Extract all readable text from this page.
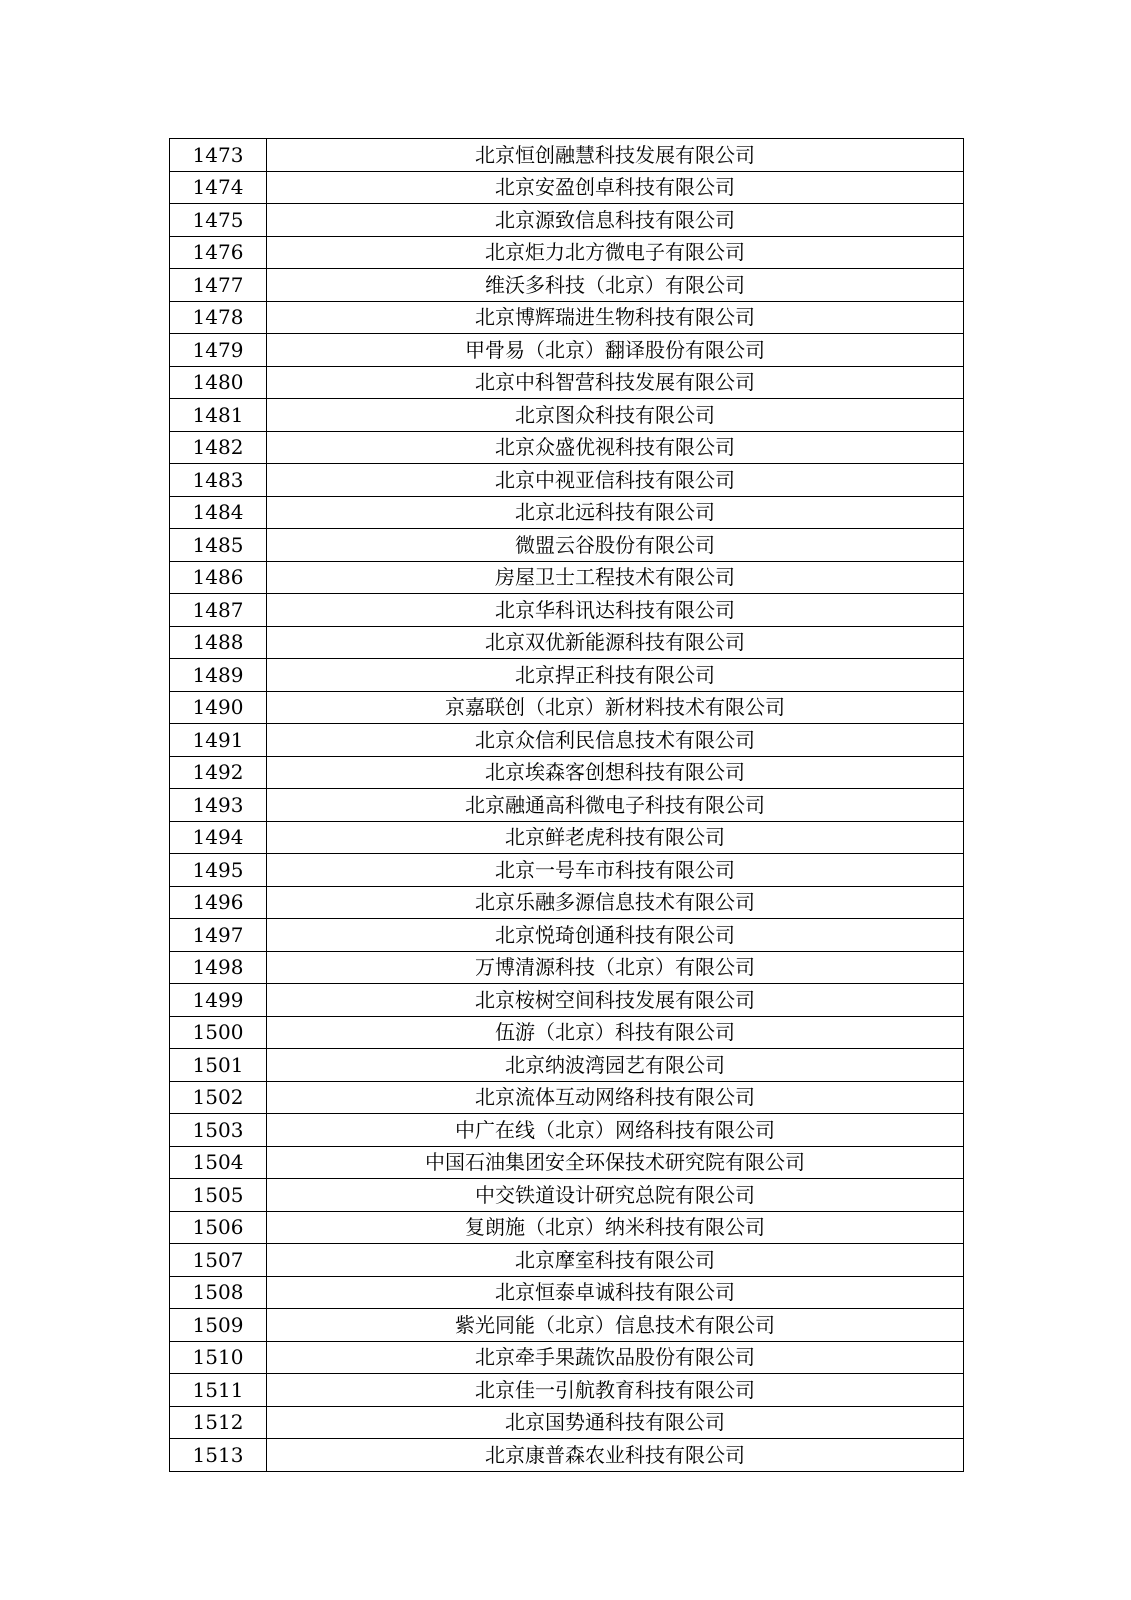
1473	北京恒创融慧科技发展有限公司
1474	北京安盈创卓科技有限公司
1475	北京源致信息科技有限公司
1476	北京炬力北方微电子有限公司
1477	维沃多科技（北京）有限公司
1478	北京博辉瑞进生物科技有限公司
1479	甲骨易（北京）翻译股份有限公司
1480	北京中科智营科技发展有限公司
1481	北京图众科技有限公司
1482	北京众盛优视科技有限公司
1483	北京中视亚信科技有限公司
1484	北京北远科技有限公司
1485	微盟云谷股份有限公司
1486	房屋卫士工程技术有限公司
1487	北京华科讯达科技有限公司
1488	北京双优新能源科技有限公司
1489	北京捍正科技有限公司
1490	京嘉联创（北京）新材料技术有限公司
1491	北京众信利民信息技术有限公司
1492	北京埃森客创想科技有限公司
1493	北京融通高科微电子科技有限公司
1494	北京鲜老虎科技有限公司
1495	北京一号车市科技有限公司
1496	北京乐融多源信息技术有限公司
1497	北京悦琦创通科技有限公司
1498	万博清源科技（北京）有限公司
1499	北京桉树空间科技发展有限公司
1500	伍游（北京）科技有限公司
1501	北京纳波湾园艺有限公司
1502	北京流体互动网络科技有限公司
1503	中广在线（北京）网络科技有限公司
1504	中国石油集团安全环保技术研究院有限公司
1505	中交铁道设计研究总院有限公司
1506	复朗施（北京）纳米科技有限公司
1507	北京摩室科技有限公司
1508	北京恒泰卓诚科技有限公司
1509	紫光同能（北京）信息技术有限公司
1510	北京牵手果蔬饮品股份有限公司
1511	北京佳一引航教育科技有限公司
1512	北京国势通科技有限公司
1513	北京康普森农业科技有限公司
